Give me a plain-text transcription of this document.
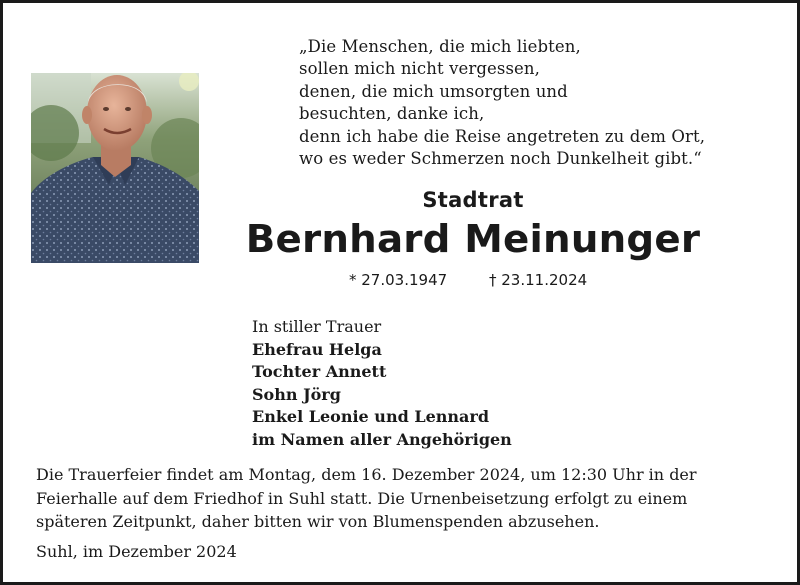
„Die Menschen, die mich liebten,
sollen mich nicht vergessen,
denen, die mich umsorgten und
besuchten, danke ich,
denn ich habe die Reise angetreten zu dem Ort,
wo es weder Schmerzen noch Dunkelheit gibt.“
Stadtrat
Bernhard Meinunger
* 27.03.1947	† 23.11.2024
In stiller Trauer
Ehefrau Helga
Tochter Annett
Sohn Jörg
Enkel Leonie und Lennard
im Namen aller Angehörigen
Die Trauerfeier findet am Montag, dem 16. Dezember 2024, um 12:30 Uhr in der
Feierhalle auf dem Friedhof in Suhl statt. Die Urnenbeisetzung erfolgt zu einem
späteren Zeitpunkt, daher bitten wir von Blumenspenden abzusehen.
Suhl, im Dezember 2024
